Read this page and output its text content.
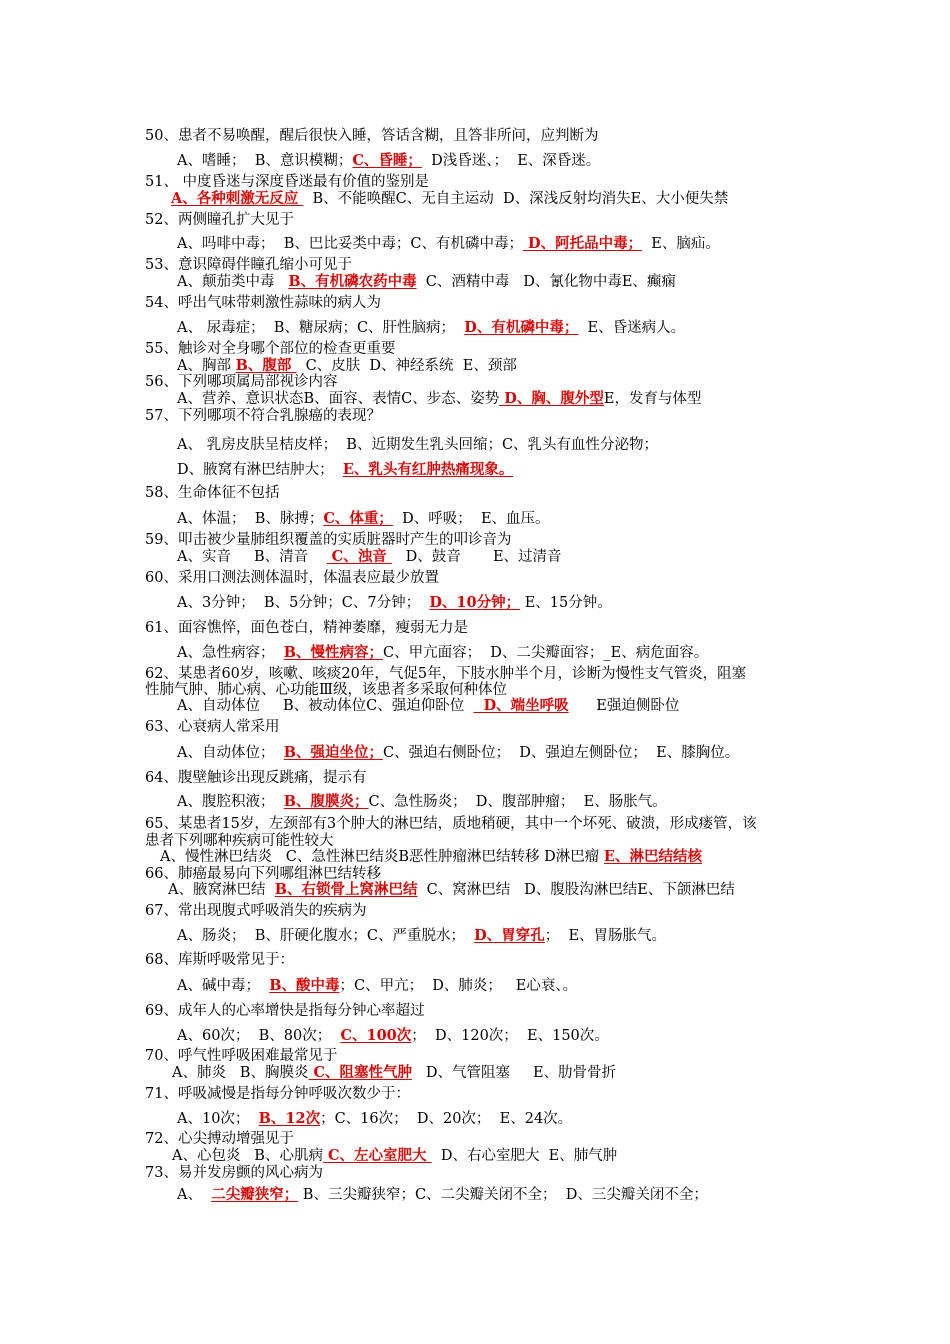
50、患者不易唤醒，醒后很快入睡，答话含糊，且答非所问，应判断为
A、嗜睡；  B、意识模糊；C、昏睡；  D浅昏迷、；  E、深昏迷。
51、 中度昏迷与深度昏迷最有价值的鉴别是
A、各种刺激无反应   B、不能唤醒C、无自主运动  D、深浅反射均消失E、大小便失禁
52、两侧瞳孔扩大见于
A、吗啡中毒；  B、巴比妥类中毒；C、有机磷中毒； D、阿托品中毒；  E、脑疝。
53、意识障碍伴瞳孔缩小可见于
A、颠茄类中毒   B、有机磷农药中毒  C、酒精中毒   D、氰化物中毒E、癫痫
54、呼出气味带刺激性蒜味的病人为
A、 尿毒症；  B、糖尿病；C、肝性脑病；  D、有机磷中毒；  E、昏迷病人。
55、触诊对全身哪个部位的检查更重要
A、胸部 B、腹部   C、皮肤  D、神经系统  E、颈部
56、下列哪项属局部视诊内容
A、营养、意识状态B、面容、表情C、步态、姿势 D、胸、腹外型E，发育与体型
57、下列哪项不符合乳腺癌的表现？
A、 乳房皮肤呈桔皮样；  B、近期发生乳头回缩；C、乳头有血性分泌物；
D、腋窝有淋巴结肿大；  E、乳头有红肿热痛现象。
58、生命体征不包括
A、体温；  B、脉搏；C、体重；  D、呼吸；  E、血压。
59、叩击被少量肺组织覆盖的实质脏器时产生的叩诊音为
A、实音     B、清音     C、浊音    D、鼓音       E、过清音
60、采用口测法测体温时，体温表应最少放置
A、3分钟；  B、5分钟；C、7分钟；  D、10分钟； E、15分钟。
61、面容憔悴，面色苍白，精神萎靡，瘦弱无力是
A、急性病容；  B、慢性病容；C、甲亢面容；  D、二尖瓣面容；_E、病危面容。
62、某患者60岁，咳嗽、咳痰20年，气促5年，下肢水肿半个月，诊断为慢性支气管炎，阻塞
性肺气肿、肺心病、心功能Ⅲ级，该患者多采取何种体位
A、自动体位     B、被动体位C、强迫仰卧位    D、端坐呼吸      E强迫侧卧位
63、心衰病人常采用
A、自动体位；  B、强迫坐位；C、强迫右侧卧位；  D、强迫左侧卧位；  E、膝胸位。
64、腹壁触诊出现反跳痛，提示有
A、腹腔积液；  B、腹膜炎；C、急性肠炎；  D、腹部肿瘤；  E、肠胀气。
65、某患者15岁，左颈部有3个肿大的淋巴结，质地稍硬，其中一个坏死、破溃，形成瘘管，该
患者下列哪种疾病可能性较大
A、慢性淋巴结炎   C、急性淋巴结炎B恶性肿瘤淋巴结转移 D淋巴瘤 E、淋巴结结核
66、肺癌最易向下列哪组淋巴结转移
A、腋窝淋巴结  B、右锁骨上窝淋巴结  C、窝淋巴结   D、腹股沟淋巴结E、下颌淋巴结
67、常出现腹式呼吸消失的疾病为
A、肠炎；  B、肝硬化腹水；C、严重脱水；  D、胃穿孔；  E、胃肠胀气。
68、库斯呼吸常见于：
A、碱中毒；  B、酸中毒；C、甲亢；  D、肺炎；   E心衰、。
69、成年人的心率增快是指每分钟心率超过
A、60次；  B、80次；  C、100次；  D、120次；  E、150次。
70、呼气性呼吸困难最常见于
A、肺炎   B、胸膜炎 C、阻塞性气肿   D、气管阻塞     E、肋骨骨折
71、呼吸减慢是指每分钟呼吸次数少于：
A、10次；  B、12次；C、16次；  D、20次；  E、24次。
72、心尖搏动增强见于
A、心包炎   B、心肌病 C、左心室肥大   D、右心室肥大  E、肺气肿
73、易并发房颤的风心病为
A、  二尖瓣狭窄； B、三尖瓣狭窄；C、二尖瓣关闭不全；  D、三尖瓣关闭不全；
